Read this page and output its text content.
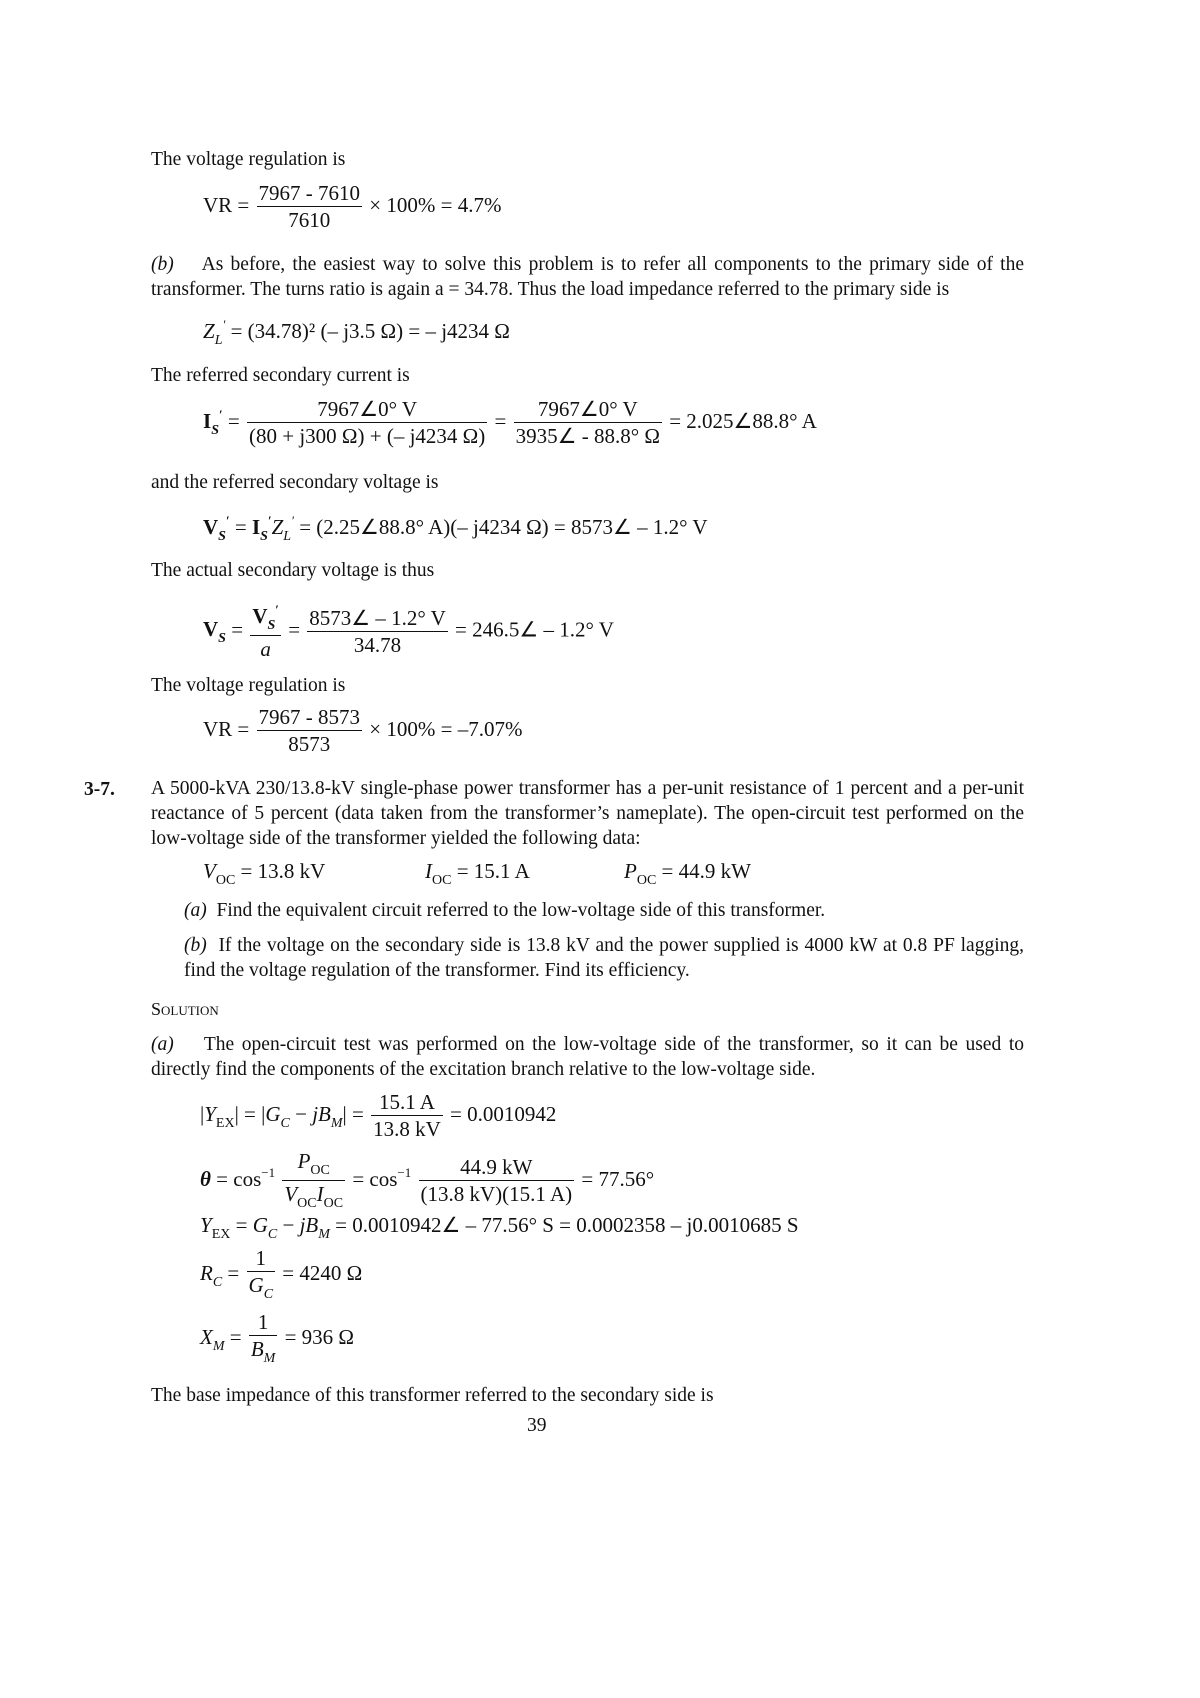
The voltage regulation is
VR = $\frac{7967 - 7610}{7610} \times 100\% = 4.7\%$
(b) As before, the easiest way to solve this problem is to refer all components to the primary side of the transformer. The turns ratio is again a = 34.78. Thus the load impedance referred to the primary side is
$Z_L' = (34.78)^2$ (– j3.5 Ω) = – j4234 Ω
The referred secondary current is
$I_S' = \frac{7967\angle 0^\circ V}{(80 + j300 \Omega) + (- j4234 \Omega)} = \frac{7967\angle 0^\circ V}{3935\angle - 88.8^\circ \Omega}$ = 2.025∠88.8° A
and the referred secondary voltage is
$V_S' = I_S'Z_L'$ = (2.25∠88.8° A)(– j4234 Ω) = 8573∠ – 1.2° V
The actual secondary voltage is thus
$V_S = \frac{V_S'}{a} = \frac{8573\angle - 1.2^\circ V}{34.78}$ = 246.5∠ – 1.2° V
The voltage regulation is
VR = $\frac{7967 - 8573}{8573} \times 100\% = -7.07\%$
3-7. A 5000-kVA 230/13.8-kV single-phase power transformer has a per-unit resistance of 1 percent and a per-unit reactance of 5 percent (data taken from the transformer’s nameplate). The open-circuit test performed on the low-voltage side of the transformer yielded the following data:
$V_{OC} = 13.8$ kV	$I_{OC} = 15.1$ A	$P_{OC} = 44.9$ kW
(a) Find the equivalent circuit referred to the low-voltage side of this transformer.
(b) If the voltage on the secondary side is 13.8 kV and the power supplied is 4000 kW at 0.8 PF lagging, find the voltage regulation of the transformer. Find its efficiency.
Solution
(a) The open-circuit test was performed on the low-voltage side of the transformer, so it can be used to directly find the components of the excitation branch relative to the low-voltage side.
$|Y_{EX}| = |G_C - jB_M| = \frac{15.1 A}{13.8 kV} = 0.0010942$
$\theta = \cos^{-1} \frac{P_{OC}}{V_{OC}I_{OC}} = \cos^{-1} \frac{44.9 kW}{(13.8 kV)(15.1 A)} = 77.56^\circ$
$Y_{EX} = G_C - jB_M$ = 0.0010942∠ – 77.56° S = 0.0002358 – j0.0010685 S
$R_C = \frac{1}{G_C} = 4240$ Ω
$X_M = \frac{1}{B_M} = 936$ Ω
The base impedance of this transformer referred to the secondary side is
39
